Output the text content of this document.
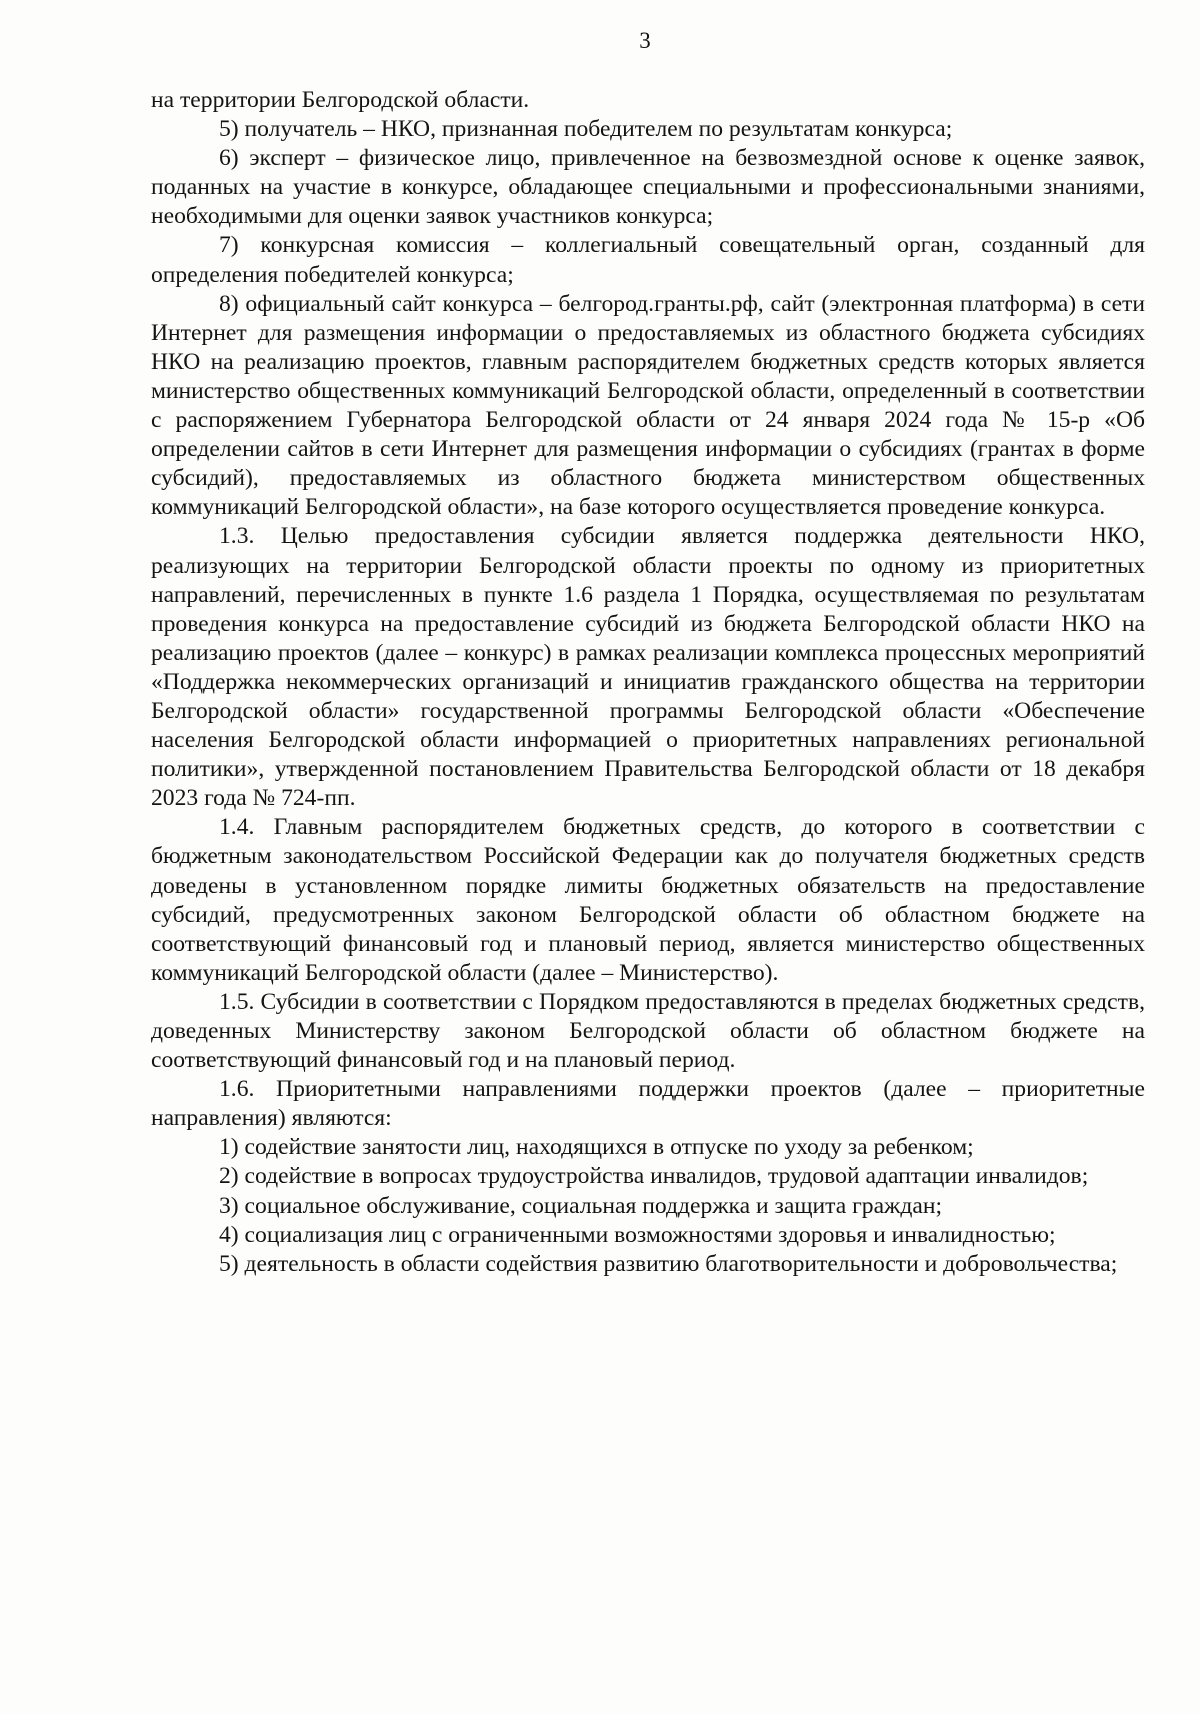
3

на территории Белгородской области.

5) получатель – НКО, признанная победителем по результатам конкурса;

6) эксперт – физическое лицо, привлеченное на безвозмездной основе к оценке заявок, поданных на участие в конкурсе, обладающее специальными и профессиональными знаниями, необходимыми для оценки заявок участников конкурса;

7) конкурсная комиссия – коллегиальный совещательный орган, созданный для определения победителей конкурса;

8) официальный сайт конкурса – белгород.гранты.рф, сайт (электронная платформа) в сети Интернет для размещения информации о предоставляемых из областного бюджета субсидиях НКО на реализацию проектов, главным распорядителем бюджетных средств которых является министерство общественных коммуникаций Белгородской области, определенный в соответствии с распоряжением Губернатора Белгородской области от 24 января 2024 года № 15-р «Об определении сайтов в сети Интернет для размещения информации о субсидиях (грантах в форме субсидий), предоставляемых из областного бюджета министерством общественных коммуникаций Белгородской области», на базе которого осуществляется проведение конкурса.

1.3. Целью предоставления субсидии является поддержка деятельности НКО, реализующих на территории Белгородской области проекты по одному из приоритетных направлений, перечисленных в пункте 1.6 раздела 1 Порядка, осуществляемая по результатам проведения конкурса на предоставление субсидий из бюджета Белгородской области НКО на реализацию проектов (далее – конкурс) в рамках реализации комплекса процессных мероприятий «Поддержка некоммерческих организаций и инициатив гражданского общества на территории Белгородской области» государственной программы Белгородской области «Обеспечение населения Белгородской области информацией о приоритетных направлениях региональной политики», утвержденной постановлением Правительства Белгородской области от 18 декабря 2023 года № 724-пп.

1.4. Главным распорядителем бюджетных средств, до которого в соответствии с бюджетным законодательством Российской Федерации как до получателя бюджетных средств доведены в установленном порядке лимиты бюджетных обязательств на предоставление субсидий, предусмотренных законом Белгородской области об областном бюджете на соответствующий финансовый год и плановый период, является министерство общественных коммуникаций Белгородской области (далее – Министерство).

1.5. Субсидии в соответствии с Порядком предоставляются в пределах бюджетных средств, доведенных Министерству законом Белгородской области об областном бюджете на соответствующий финансовый год и на плановый период.

1.6. Приоритетными направлениями поддержки проектов (далее – приоритетные направления) являются:

1) содействие занятости лиц, находящихся в отпуске по уходу за ребенком;

2) содействие в вопросах трудоустройства инвалидов, трудовой адаптации инвалидов;

3) социальное обслуживание, социальная поддержка и защита граждан;

4) социализация лиц с ограниченными возможностями здоровья и инвалидностью;

5) деятельность в области содействия развитию благотворительности и добровольчества;
